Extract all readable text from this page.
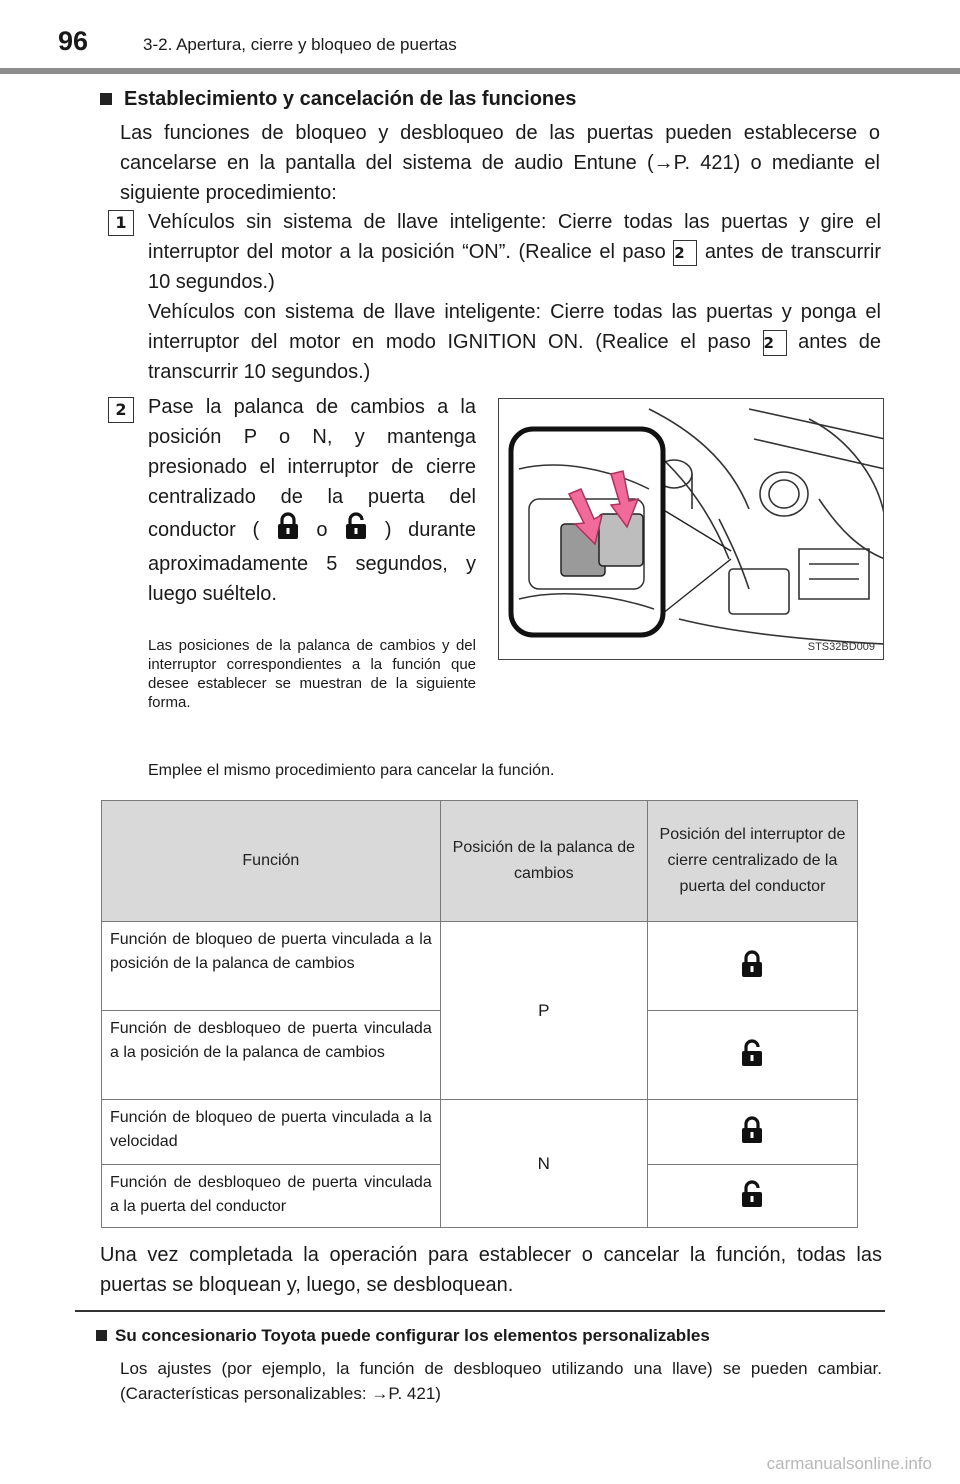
96	3-2. Apertura, cierre y bloqueo de puertas
Establecimiento y cancelación de las funciones
Las funciones de bloqueo y desbloqueo de las puertas pueden establecerse o cancelarse en la pantalla del sistema de audio Entune (→P. 421) o mediante el siguiente procedimiento:
1	Vehículos sin sistema de llave inteligente: Cierre todas las puertas y gire el interruptor del motor a la posición “ON”. (Realice el paso 2 antes de transcurrir 10 segundos.)
Vehículos con sistema de llave inteligente: Cierre todas las puertas y ponga el interruptor del motor en modo IGNITION ON. (Realice el paso 2 antes de transcurrir 10 segundos.)
2	Pase la palanca de cambios a la posición P o N, y mantenga presionado el interruptor de cierre centralizado de la puerta del conductor (	o	) durante aproximadamente 5 segundos, y luego suéltelo.
Las posiciones de la palanca de cambios y del interruptor correspondientes a la función que desee establecer se muestran de la siguiente forma.
Emplee el mismo procedimiento para cancelar la función.
STS32BD009
Función	Posición de la palanca de cambios	Posición del interruptor de cierre centralizado de la puerta del conductor
Función de bloqueo de puerta vinculada a la posición de la palanca de cambios	P	
Función de desbloqueo de puerta vinculada a la posición de la palanca de cambios	
Función de bloqueo de puerta vinculada a la velocidad	N	
Función de desbloqueo de puerta vinculada a la puerta del conductor	
Una vez completada la operación para establecer o cancelar la función, todas las puertas se bloquean y, luego, se desbloquean.
Su concesionario Toyota puede configurar los elementos personalizables
Los ajustes (por ejemplo, la función de desbloqueo utilizando una llave) se pueden cambiar. (Características personalizables: →P. 421)
carmanualsonline.info
